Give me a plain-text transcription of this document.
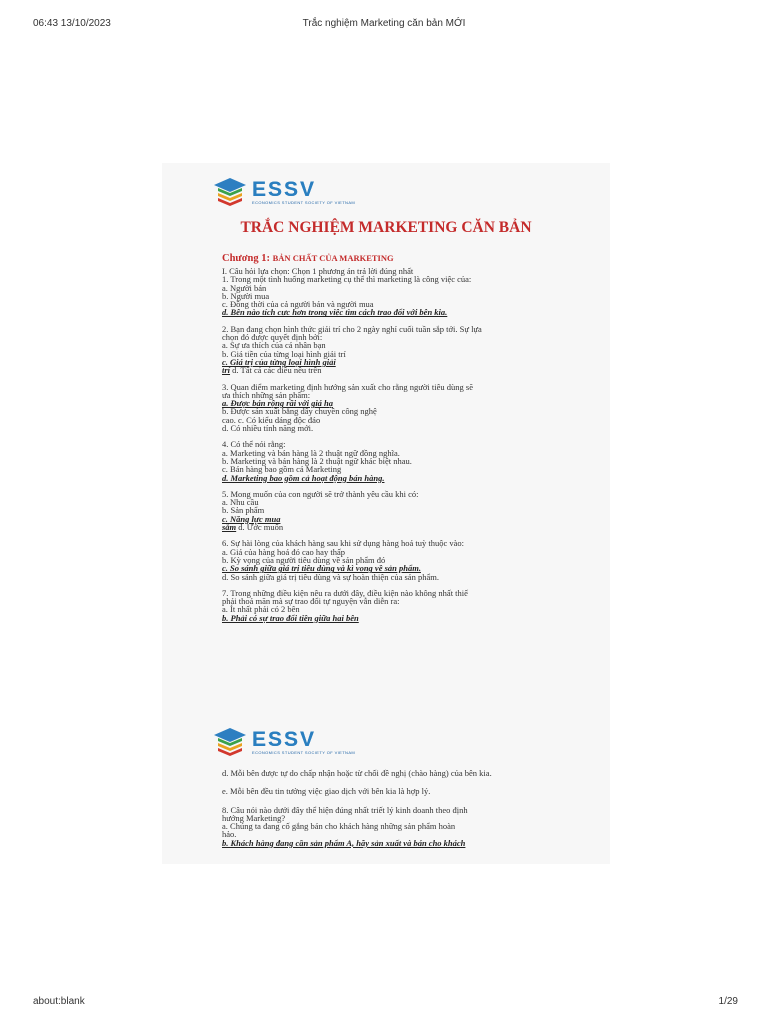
06:43 13/10/2023	Trắc nghiệm Marketing căn bản MỚI
ESSV
ECONOMICS STUDENT SOCIETY OF VIETNAM
TRẮC NGHIỆM MARKETING CĂN BẢN
Chương 1: BẢN CHẤT CỦA MARKETING
I. Câu hỏi lựa chọn: Chọn 1 phương án trả lời đúng nhất
1. Trong một tình huống marketing cụ thể thì marketing là công việc của:
a. Người bán
b. Người mua
c. Đồng thời của cả người bán và người mua
d. Bên nào tích cực hơn trong việc tìm cách trao đổi với bên kia.
2. Bạn đang chọn hình thức giải trí cho 2 ngày nghỉ cuối tuần sắp tới. Sự lựa
chọn đó được quyết định bởi:
a. Sự ưa thích của cá nhân bạn
b. Giá tiền của từng loại hình giải trí
c. Giá trị của từng loại hình giải
trí d. Tất cả các điều nêu trên
3. Quan điểm marketing định hướng sản xuất cho rằng người tiêu dùng sẽ
ưa thích những sản phẩm:
a. Được bán rộng rãi với giá hạ
b. Được sản xuất bằng dây chuyền công nghệ
cao. c. Có kiểu dáng độc đáo
d. Có nhiều tính năng mới.
4. Có thể nói rằng:
a. Marketing và bán hàng là 2 thuật ngữ đồng nghĩa.
b. Marketing và bán hàng là 2 thuật ngữ khác biệt nhau.
c. Bán hàng bao gồm cả Marketing
d. Marketing bao gồm cả hoạt động bán hàng.
5. Mong muốn của con người sẽ trở thành yêu cầu khi có:
a. Nhu cầu
b. Sản phẩm
c. Năng lực mua
sắm d. Ước muốn
6. Sự hài lòng của khách hàng sau khi sử dụng hàng hoá tuỳ thuộc vào:
a. Giá của hàng hoá đó cao hay thấp
b. Kỳ vọng của người tiêu dùng về sản phẩm đó
c. So sánh giữa giá trị tiêu dùng và kì vọng về sản phẩm.
d. So sánh giữa giá trị tiêu dùng và sự hoàn thiện của sản phẩm.
7. Trong những điều kiện nêu ra dưới đây, điều kiện nào không nhất thiế
phải thoả mãn mà sự trao đổi tự nguyện vẫn diễn ra:
a. Ít nhất phải có 2 bên
b. Phải có sự trao đổi tiền giữa hai bên
ESSV
ECONOMICS STUDENT SOCIETY OF VIETNAM
d. Mỗi bên được tự do chấp nhận hoặc từ chối đề nghị (chào hàng) của bên kia.
e. Mỗi bên đều tin tưởng việc giao dịch với bên kia là hợp lý.
8. Câu nói nào dưới đây thể hiện đúng nhất triết lý kinh doanh theo định
hướng Marketing?
a. Chúng ta đang cố gắng bán cho khách hàng những sản phẩm hoàn
hảo.
b. Khách hàng đang cần sản phẩm A, hãy sản xuất và bán cho khách
about:blank	1/29
